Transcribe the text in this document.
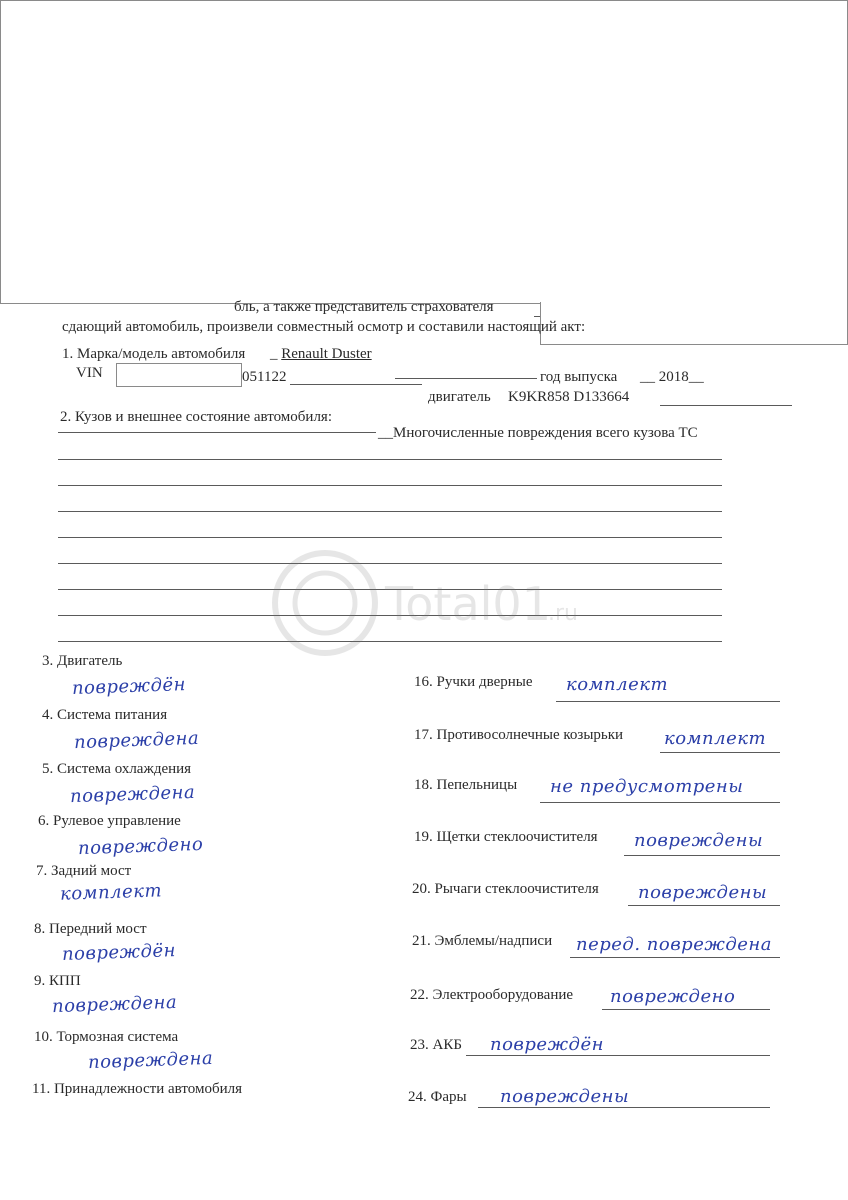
бль, а также представитель страхователя
сдающий автомобиль, произвели совместный осмотр и составили настоящий акт:
1. Марка/модель автомобиля _ Renault Duster
VIN	051122	год выпуска __ 2018__
двигатель K9KR858 D133664
2. Кузов и внешнее состояние автомобиля:
__Многочисленные повреждения всего кузова ТС
Total01
.ru
3. Двигатель
повреждён
4. Система питания
повреждена
5. Система охлаждения
повреждена
6. Рулевое управление
повреждено
7. Задний мост
комплект
8. Передний мост
повреждён
9. КПП
повреждена
10. Тормозная система
повреждена
11. Принадлежности автомобиля
16. Ручки дверные комплект
17. Противосолнечные козырьки комплект
18. Пепельницы не предусмотрены
19. Щетки стеклоочистителя повреждены
20. Рычаги стеклоочистителя повреждены
21. Эмблемы/надписи перед. повреждена
22. Электрооборудование повреждено
23. АКБ повреждён
24. Фары повреждены
